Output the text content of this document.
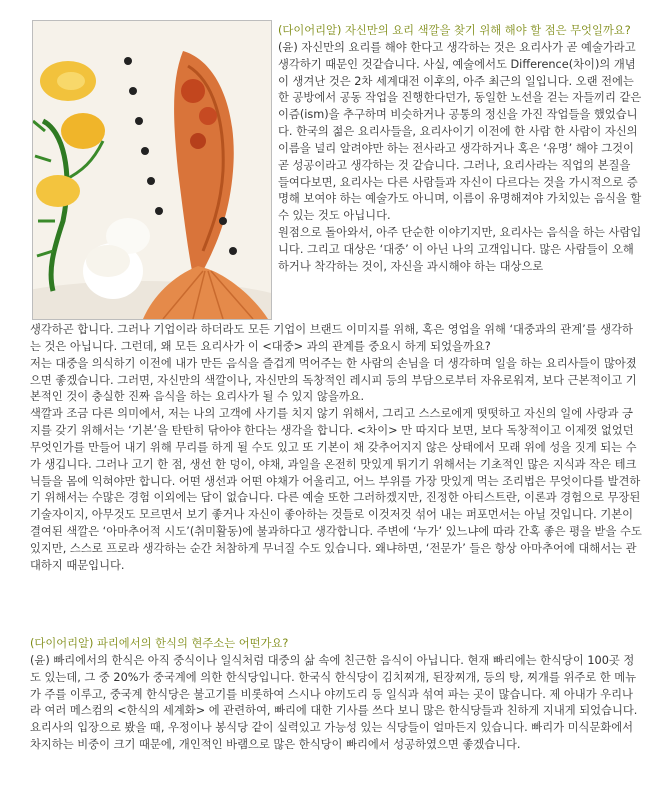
(다이어리알) 자신만의 요리 색깔을 찾기 위해 해야 할 점은 무엇일까요?

(윤) 자신만의 요리를 해야 한다고 생각하는 것은 요리사가 곧 예술가라고 생각하기 때문인 것같습니다. 사실, 예술에서도 Difference(차이)의 개념이 생겨난 것은 2차 세계대전 이후의, 아주 최근의 일입니다. 오랜 전에는 한 공방에서 공동 작업을 진행한다던가, 동일한 노선을 걷는 자들끼리 같은 이즘(ism)을 추구하며 비슷하거나 공통의 정신을 가진 작업들을 했었습니다. 한국의 젊은 요리사들을, 요리사이기 이전에 한 사람 한 사람이 자신의 이름을 널리 알려야만 하는 전사라고 생각하거나 혹은 ‘유명’ 해야 그것이 곧 성공이라고 생각하는 것 같습니다. 그러나, 요리사라는 직업의 본질을 들여다보면, 요리사는 다른 사람들과 자신이 다르다는 것을 가시적으로 증명해 보여야 하는 예술가도 아니며, 이름이 유명해져야 가치있는 음식을 할 수 있는 것도 아닙니다.

원점으로 돌아와서, 아주 단순한 이야기지만, 요리사는 음식을 하는 사람입니다. 그리고 대상은 ‘대중’ 이 아닌 나의 고객입니다. 많은 사람들이 오해하거나 착각하는 것이, 자신을 과시해야 하는 대상으로

생각하곤 합니다. 그러나 기업이라 하더라도 모든 기업이 브랜드 이미지를 위해, 혹은 영업을 위해 ‘대중과의 관계’를 생각하는 것은 아닙니다. 그런데, 왜 모든 요리사가 이 <대중> 과의 관계를 중요시 하게 되었을까요?

저는 대중을 의식하기 이전에 내가 만든 음식을 즐겁게 먹어주는 한 사람의 손님을 더 생각하며 일을 하는 요리사들이 많아졌으면 좋겠습니다. 그러면, 자신만의 색깔이나, 자신만의 독창적인 레시피 등의 부담으로부터 자유로워져, 보다 근본적이고 기본적인 것이 충실한 진짜 음식을 하는 요리사가 될 수 있지 않을까요.

색깔과 조금 다른 의미에서, 저는 나의 고객에 사기를 치지 않기 위해서, 그리고 스스로에게 떳떳하고 자신의 일에 사랑과 긍지를 갖기 위해서는 ‘기본’을 탄탄히 닦아야 한다는 생각을 합니다. <차이> 만 따지다 보면, 보다 독창적이고 이제껏 없었던 무엇인가를 만들어 내기 위해 무리를 하게 될 수도 있고 또 기본이 채 갖추어지지 않은 상태에서 모래 위에 성을 짓게 되는 수가 생깁니다. 그러나 고기 한 점, 생선 한 덩이, 야채, 과일을 온전히 맛있게 튀기기 위해서는 기초적인 많은 지식과 작은 테크닉들을 몸에 익혀야만 합니다. 어떤 생선과 어떤 야채가 어울리고, 어느 부위를 가장 맛있게 먹는 조리법은 무엇이다를 발견하기 위해서는 수많은 경험 이외에는 답이 없습니다. 다른 예술 또한 그러하겠지만, 진정한 아티스트란, 이론과 경험으로 무장된 기술자이지, 아무것도 모르면서 보기 좋거나 자신이 좋아하는 것들로 이것저것 섞어 내는 퍼포먼서는 아닐 것입니다. 기본이 결여된 색깔은 ‘아마추어적 시도’(취미활동)에 불과하다고 생각합니다. 주변에 ‘누가’ 있느냐에 따라 간혹 좋은 평을 받을 수도 있지만, 스스로 프로라 생각하는 순간 처참하게 무너질 수도 있습니다. 왜냐하면, ‘전문가’ 들은 항상 아마추어에 대해서는 관대하지 때문입니다.

(다이어리알) 파리에서의 한식의 현주소는 어떤가요?

(윤) 빠리에서의 한식은 아직 중식이나 일식처럼 대중의 삶 속에 친근한 음식이 아닙니다. 현재 빠리에는 한식당이 100곳 정도 있는데, 그 중 20%가 중국계에 의한 한식당입니다. 한국식 한식당이 김치찌개, 된장찌개, 등의 탕, 찌개를 위주로 한 메뉴가 주를 이루고, 중국계 한식당은 불고기를 비롯하여 스시나 야끼도리 등 일식과 섞여 파는 곳이 많습니다. 제 아내가 우리나라 여러 메스컴의 <한식의 세계화> 에 관련하여, 빠리에 대한 기사를 쓰다 보니 많은 한식당들과 친하게 지내게 되었습니다. 요리사의 입장으로 봤을 때, 우정이나 봉식당 같이 실력있고 가능성 있는 식당들이 얼마든지 있습니다. 빠리가 미식문화에서 차지하는 비중이 크기 때문에, 개인적인 바램으로 많은 한식당이 빠리에서 성공하였으면 좋겠습니다.
